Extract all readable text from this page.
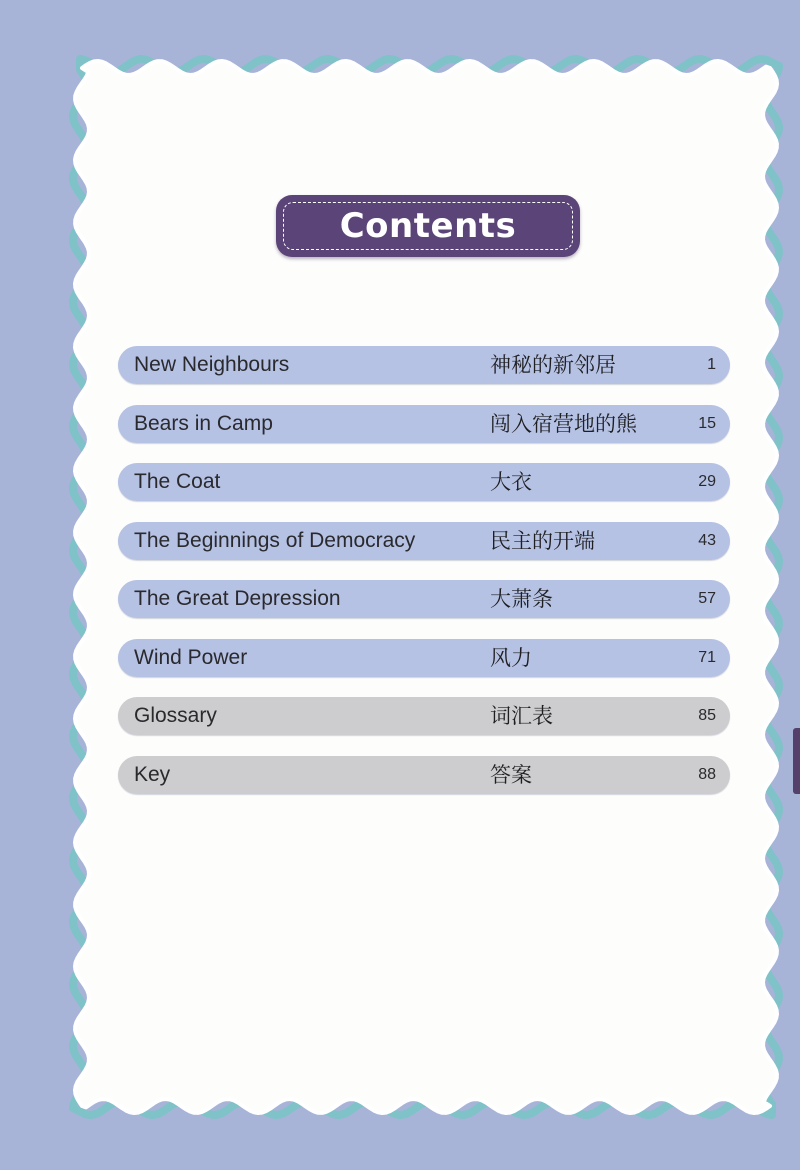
Contents
New Neighbours	神秘的新邻居	1
Bears in Camp	闯入宿营地的熊	15
The Coat	大衣	29
The Beginnings of Democracy	民主的开端	43
The Great Depression	大萧条	57
Wind Power	风力	71
Glossary	词汇表	85
Key	答案	88
